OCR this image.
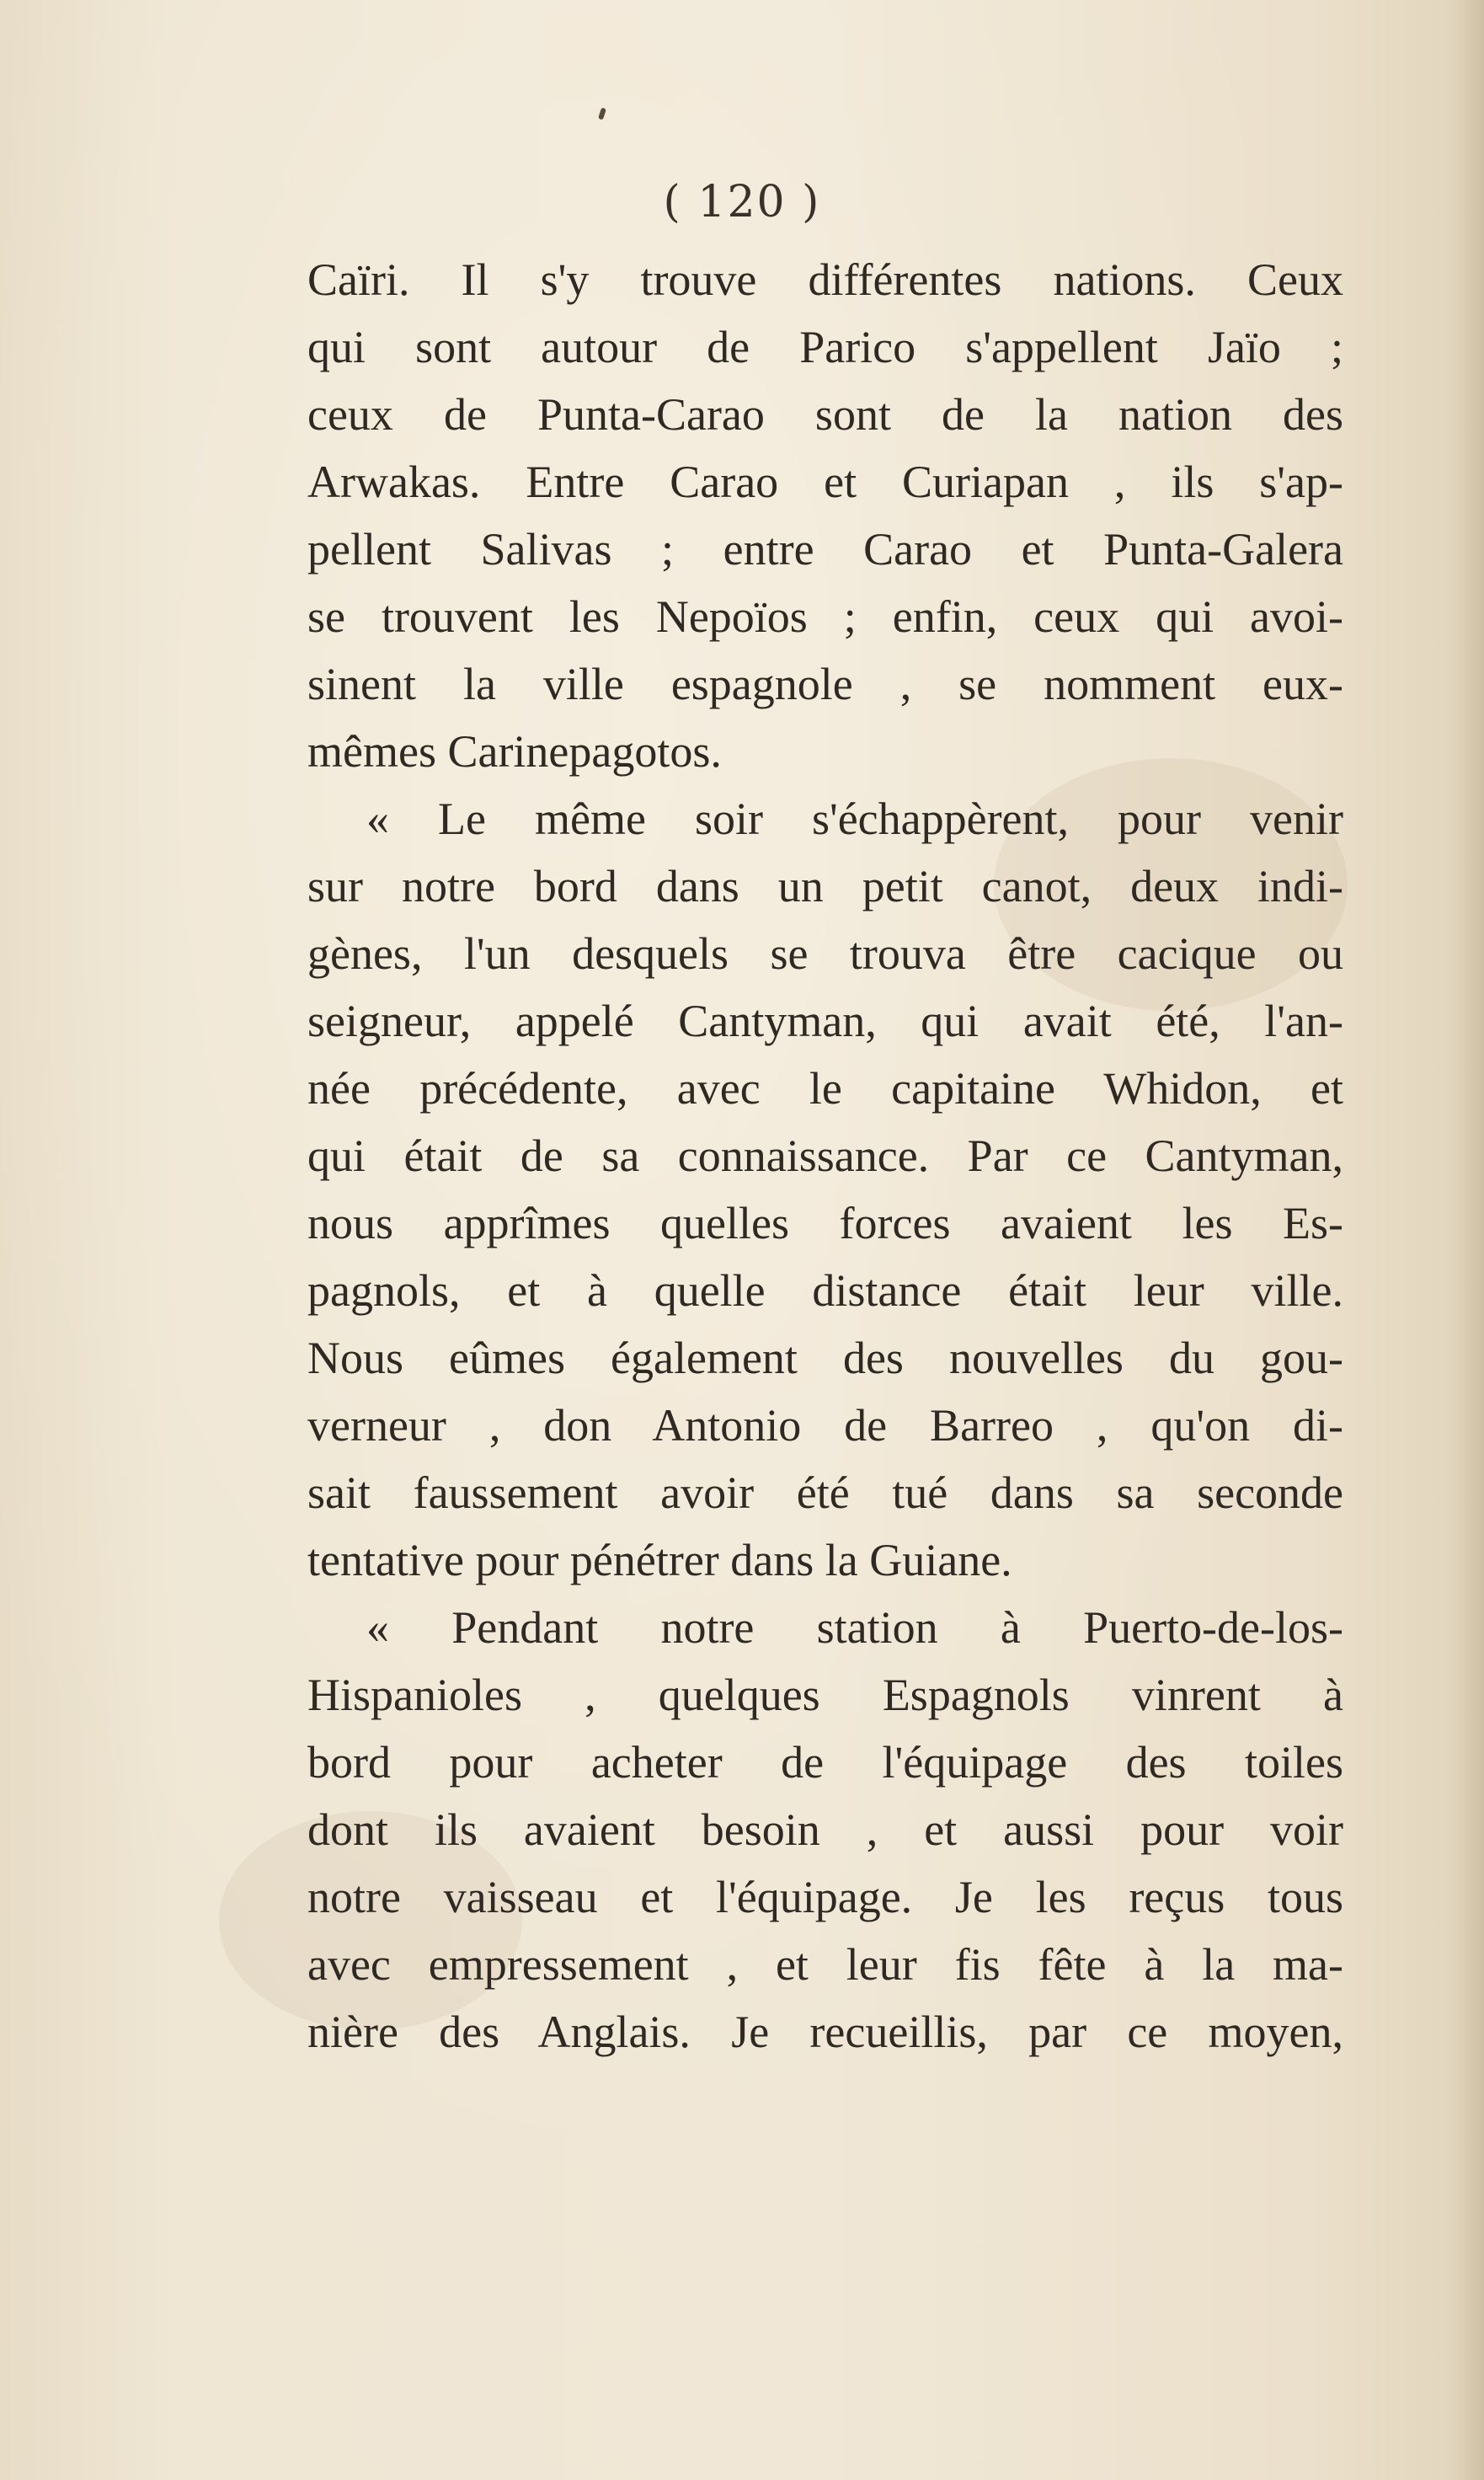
( 120 )

Caïri. Il s'y trouve différentes nations. Ceux
qui sont autour de Parico s'appellent Jaïo ;
ceux de Punta-Carao sont de la nation des
Arwakas. Entre Carao et Curiapan , ils s'ap-
pellent Salivas ; entre Carao et Punta-Galera
se trouvent les Nepoïos ; enfin, ceux qui avoi-
sinent la ville espagnole , se nomment eux-
mêmes Carinepagotos.
« Le même soir s'échappèrent, pour venir
sur notre bord dans un petit canot, deux indi-
gènes, l'un desquels se trouva être cacique ou
seigneur, appelé Cantyman, qui avait été, l'an-
née précédente, avec le capitaine Whidon, et
qui était de sa connaissance. Par ce Cantyman,
nous apprîmes quelles forces avaient les Es-
pagnols, et à quelle distance était leur ville.
Nous eûmes également des nouvelles du gou-
verneur , don Antonio de Barreo , qu'on di-
sait faussement avoir été tué dans sa seconde
tentative pour pénétrer dans la Guiane.
« Pendant notre station à Puerto-de-los-
Hispanioles , quelques Espagnols vinrent à
bord pour acheter de l'équipage des toiles
dont ils avaient besoin , et aussi pour voir
notre vaisseau et l'équipage. Je les reçus tous
avec empressement , et leur fis fête à la ma-
nière des Anglais. Je recueillis, par ce moyen,
